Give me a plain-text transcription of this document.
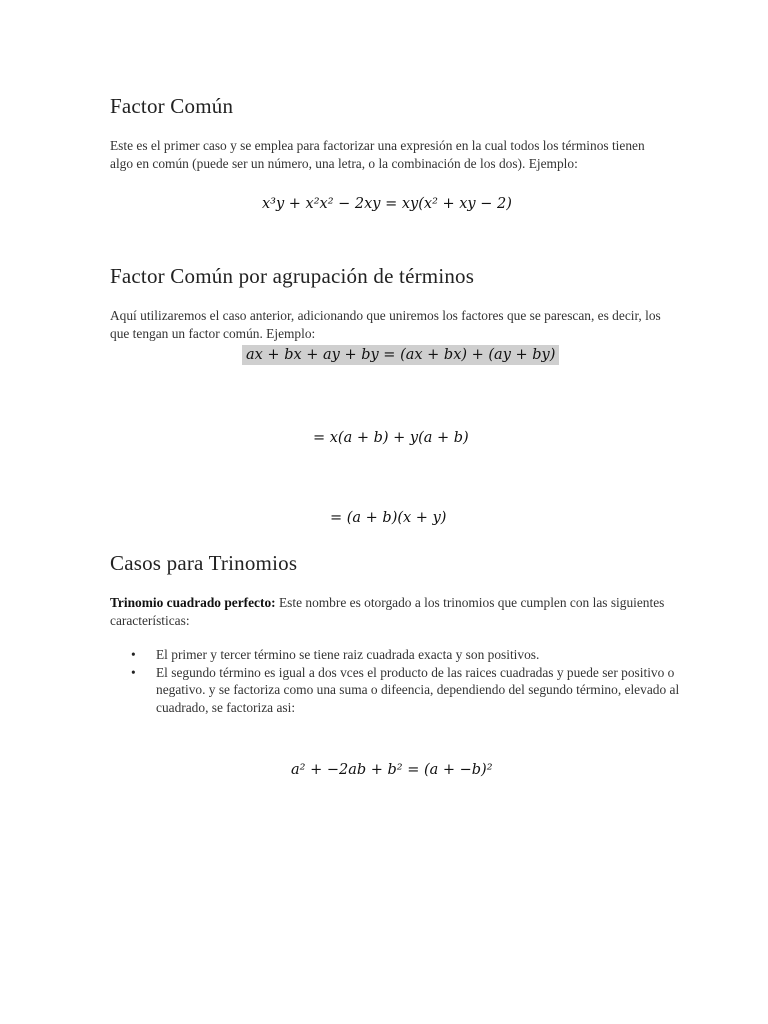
Factor Común

Este es el primer caso y se emplea para factorizar una expresión en la cual todos los términos tienen algo en común (puede ser un número, una letra, o la combinación de los dos). Ejemplo:

x³y + x²x² − 2xy = xy(x² + xy − 2)
Factor Común por agrupación de términos

Aquí utilizaremos el caso anterior, adicionando que uniremos los factores que se parescan, es decir, los que tengan un factor común. Ejemplo:

ax + bx + ay + by = (ax + bx) + (ay + by)
= x(a + b) + y(a + b)
= (a + b)(x + y)
Casos para Trinomios

Trinomio cuadrado perfecto: Este nombre es otorgado a los trinomios que cumplen con las siguientes características:

• El primer y tercer término se tiene raiz cuadrada exacta y son positivos.
• El segundo término es igual a dos vces el producto de las raices cuadradas y puede ser positivo o negativo. y se factoriza como una suma o difeencia, dependiendo del segundo término, elevado al cuadrado, se factoriza asi:
a² + −2ab + b² = (a + −b)²
